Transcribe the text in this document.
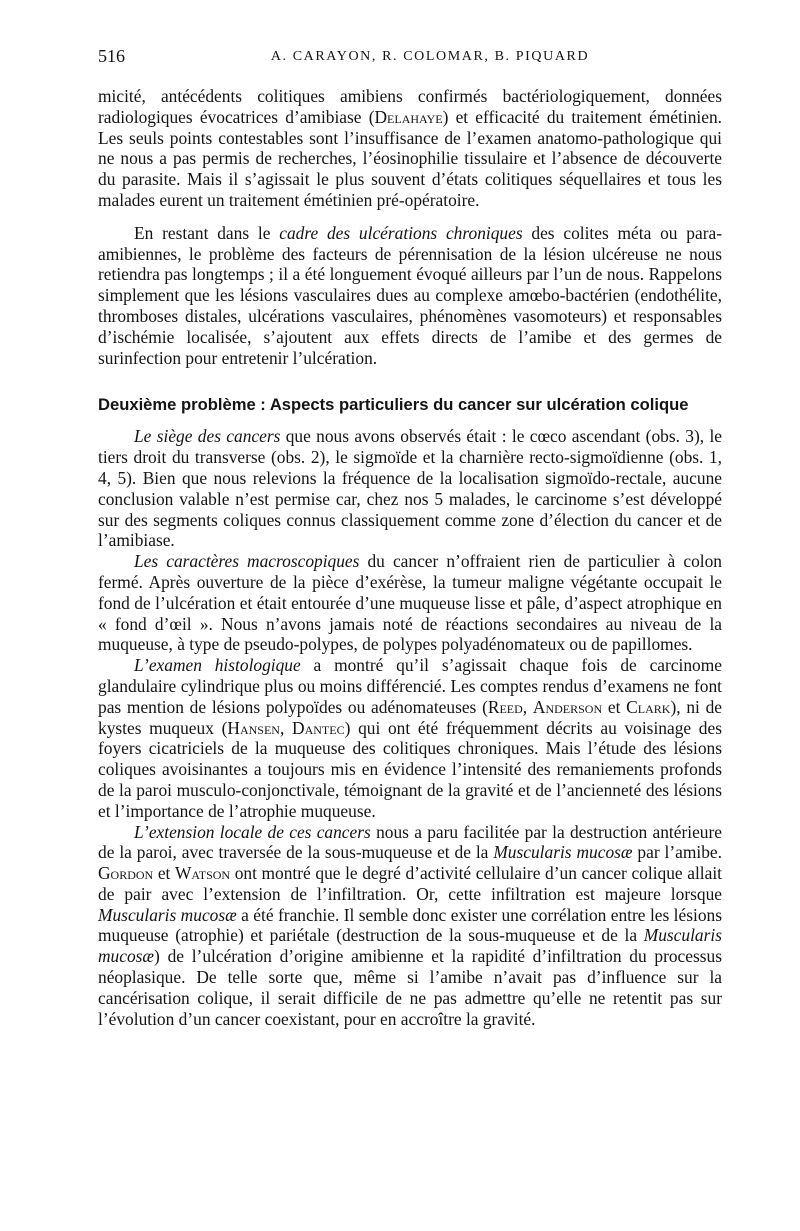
516	A. CARAYON, R. COLOMAR, B. PIQUARD

micité, antécédents colitiques amibiens confirmés bactériologiquement, données radiologiques évocatrices d’amibiase (Delahaye) et efficacité du traitement émétinien. Les seuls points contestables sont l’insuffisance de l’examen anatomo-pathologique qui ne nous a pas permis de recherches, l’éosinophilie tissulaire et l’absence de découverte du parasite. Mais il s’agissait le plus souvent d’états colitiques séquellaires et tous les malades eurent un traitement émétinien pré-opératoire.

En restant dans le cadre des ulcérations chroniques des colites méta ou para-amibiennes, le problème des facteurs de pérennisation de la lésion ulcéreuse ne nous retiendra pas longtemps ; il a été longuement évoqué ailleurs par l’un de nous. Rappelons simplement que les lésions vasculaires dues au complexe amœbo-bactérien (endothélite, thromboses distales, ulcérations vasculaires, phénomènes vasomoteurs) et responsables d’ischémie localisée, s’ajoutent aux effets directs de l’amibe et des germes de surinfection pour entretenir l’ulcération.

Deuxième problème : Aspects particuliers du cancer sur ulcération colique

Le siège des cancers que nous avons observés était : le cœco ascendant (obs. 3), le tiers droit du transverse (obs. 2), le sigmoïde et la charnière recto-sigmoïdienne (obs. 1, 4, 5). Bien que nous relevions la fréquence de la localisation sigmoïdo-rectale, aucune conclusion valable n’est permise car, chez nos 5 malades, le carcinome s’est développé sur des segments coliques connus classiquement comme zone d’élection du cancer et de l’amibiase.

Les caractères macroscopiques du cancer n’offraient rien de particulier à colon fermé. Après ouverture de la pièce d’exérèse, la tumeur maligne végétante occupait le fond de l’ulcération et était entourée d’une muqueuse lisse et pâle, d’aspect atrophique en « fond d’œil ». Nous n’avons jamais noté de réactions secondaires au niveau de la muqueuse, à type de pseudo-polypes, de polypes polyadénomateux ou de papillomes.

L’examen histologique a montré qu’il s’agissait chaque fois de carcinome glandulaire cylindrique plus ou moins différencié. Les comptes rendus d’examens ne font pas mention de lésions polypoïdes ou adénomateuses (Reed, Anderson et Clark), ni de kystes muqueux (Hansen, Dantec) qui ont été fréquemment décrits au voisinage des foyers cicatriciels de la muqueuse des colitiques chroniques. Mais l’étude des lésions coliques avoisinantes a toujours mis en évidence l’intensité des remaniements profonds de la paroi musculo-conjonctivale, témoignant de la gravité et de l’ancienneté des lésions et l’importance de l’atrophie muqueuse.

L’extension locale de ces cancers nous a paru facilitée par la destruction antérieure de la paroi, avec traversée de la sous-muqueuse et de la Muscularis mucosæ par l’amibe. Gordon et Watson ont montré que le degré d’activité cellulaire d’un cancer colique allait de pair avec l’extension de l’infiltration. Or, cette infiltration est majeure lorsque Muscularis mucosæ a été franchie. Il semble donc exister une corrélation entre les lésions muqueuse (atrophie) et pariétale (destruction de la sous-muqueuse et de la Muscularis mucosæ) de l’ulcération d’origine amibienne et la rapidité d’infiltration du processus néoplasique. De telle sorte que, même si l’amibe n’avait pas d’influence sur la cancérisation colique, il serait difficile de ne pas admettre qu’elle ne retentit pas sur l’évolution d’un cancer coexistant, pour en accroître la gravité.
